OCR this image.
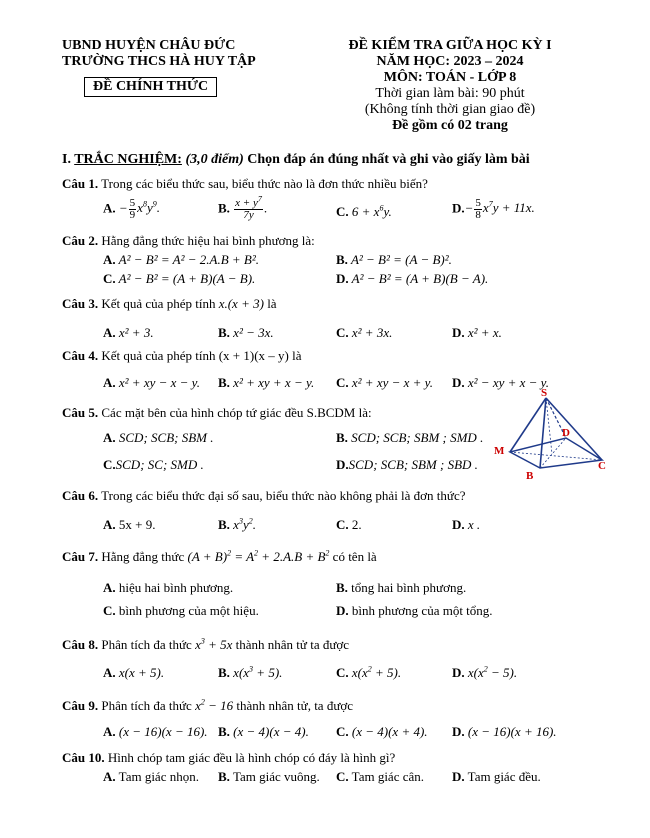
UBND HUYỆN CHÂU ĐỨC
TRƯỜNG THCS HÀ HUY TẬP
ĐỀ CHÍNH THỨC
ĐỀ KIỂM TRA GIỮA HỌC KỲ I
NĂM HỌC: 2023 – 2024
MÔN: TOÁN - LỚP 8
Thời gian làm bài: 90 phút
(Không tính thời gian giao đề)
Đề gồm có 02 trang
I. TRẮC NGHIỆM: (3,0 điểm) Chọn đáp án đúng nhất và ghi vào giấy làm bài
Câu 1. Trong các biểu thức sau, biểu thức nào là đơn thức nhiều biến?
A. − $\frac{5}{9} x^8y^9$.	B. $\frac{x + y^7}{7y}$ .	C. $6 + x^6y$.	$D.- \frac{5}{8} x^7y + 11x$.
Câu 2. Hằng đẳng thức hiệu hai bình phương là:
A. A² − B² = A² − 2.A.B + B².	B. A² − B² = (A − B)².
C. A² − B² = (A + B)(A − B).	D. A² − B² = (A + B)(B − A).
Câu 3. Kết quả của phép tính x.(x + 3) là
A. x² + 3.	B. x² − 3x.	C. x² + 3x.	D. x² + x.
Câu 4. Kết quả của phép tính (x + 1)(x – y) là
A. x² + xy − x − y. B. x² + xy + x − y. C. x² + xy − x + y. D. x² − xy + x − y.
Câu 5. Các mặt bên của hình chóp tứ giác đều S.BCDM là:
A. SCD; SCB; SBM .	B. SCD; SCB; SBM ; SMD .
C.SCD; SC; SMD .	D.SCD; SCB; SBM ; SBD .
S
D
M
B
C
Câu 6. Trong các biểu thức đại số sau, biểu thức nào không phải là đơn thức?
A. 5x + 9.	B. $x^3y^2$.	C. 2.	D. x .
Câu 7. Hằng đẳng thức $(A + B)^2 = A^2 + 2.A.B + B^2$ có tên là
A. hiệu hai bình phương.	B. tổng hai bình phương.
C. bình phương của một hiệu.	D. bình phương của một tổng.
Câu 8. Phân tích đa thức $x^3 + 5x$ thành nhân tử ta được
A. x(x + 5).	B. $x(x^3 + 5)$.	C. $x(x^2 + 5)$.	D. $x(x^2 - 5)$.
Câu 9. Phân tích đa thức $x^2 - 16$ thành nhân tử, ta được
A. (x − 16)(x − 16). B. (x − 4)(x − 4). C. (x − 4)(x + 4). D. (x − 16)(x + 16).
Câu 10. Hình chóp tam giác đều là hình chóp có đáy là hình gì?
A. Tam giác nhọn. B. Tam giác vuông. C. Tam giác cân. D. Tam giác đều.
